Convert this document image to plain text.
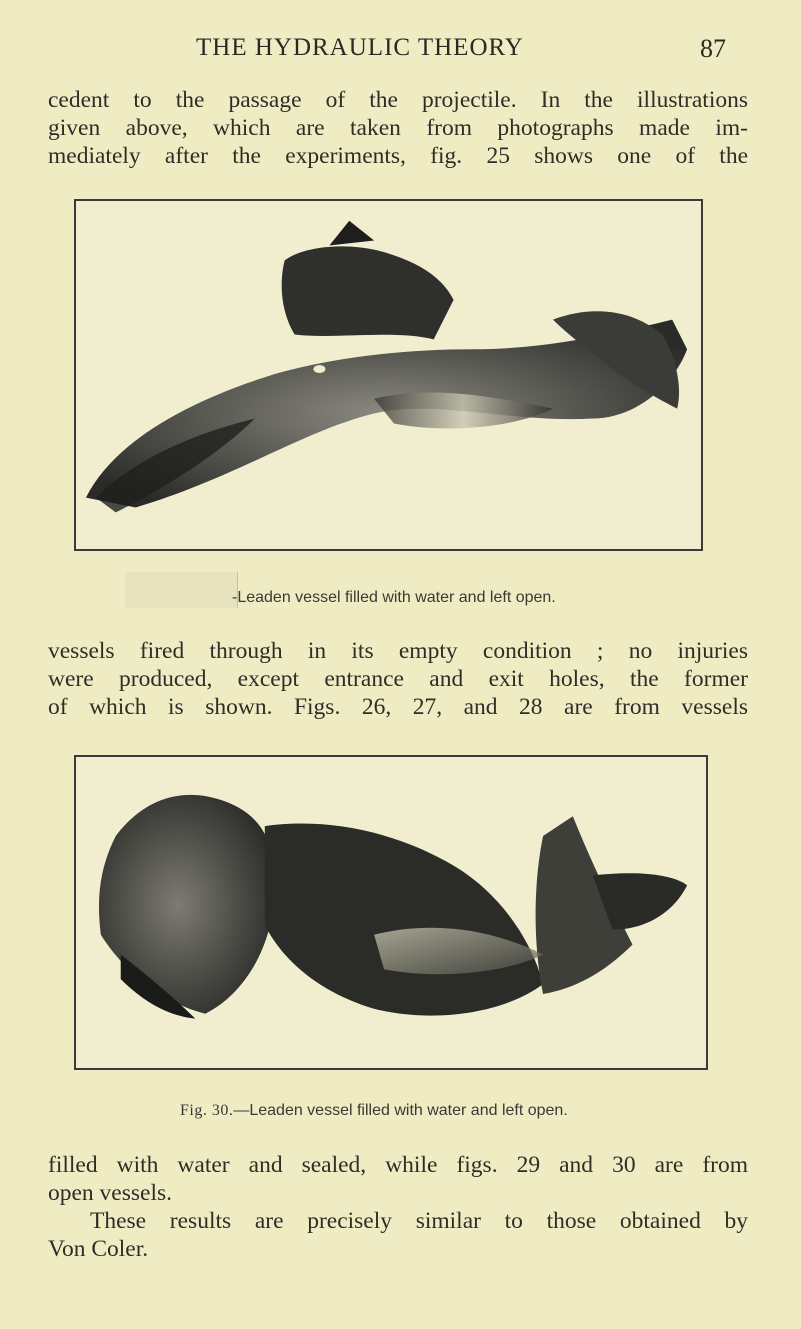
THE HYDRAULIC THEORY	87
cedent to the passage of the projectile. In the illustrations
given above, which are taken from photographs made im-
mediately after the experiments, fig. 25 shows one of the
-Leaden vessel filled with water and left open.
vessels fired through in its empty condition ; no injuries
were produced, except entrance and exit holes, the former
of which is shown. Figs. 26, 27, and 28 are from vessels
Fig. 30.—Leaden vessel filled with water and left open.
filled with water and sealed, while figs. 29 and 30 are from
open vessels.
These results are precisely similar to those obtained by
Von Coler.
